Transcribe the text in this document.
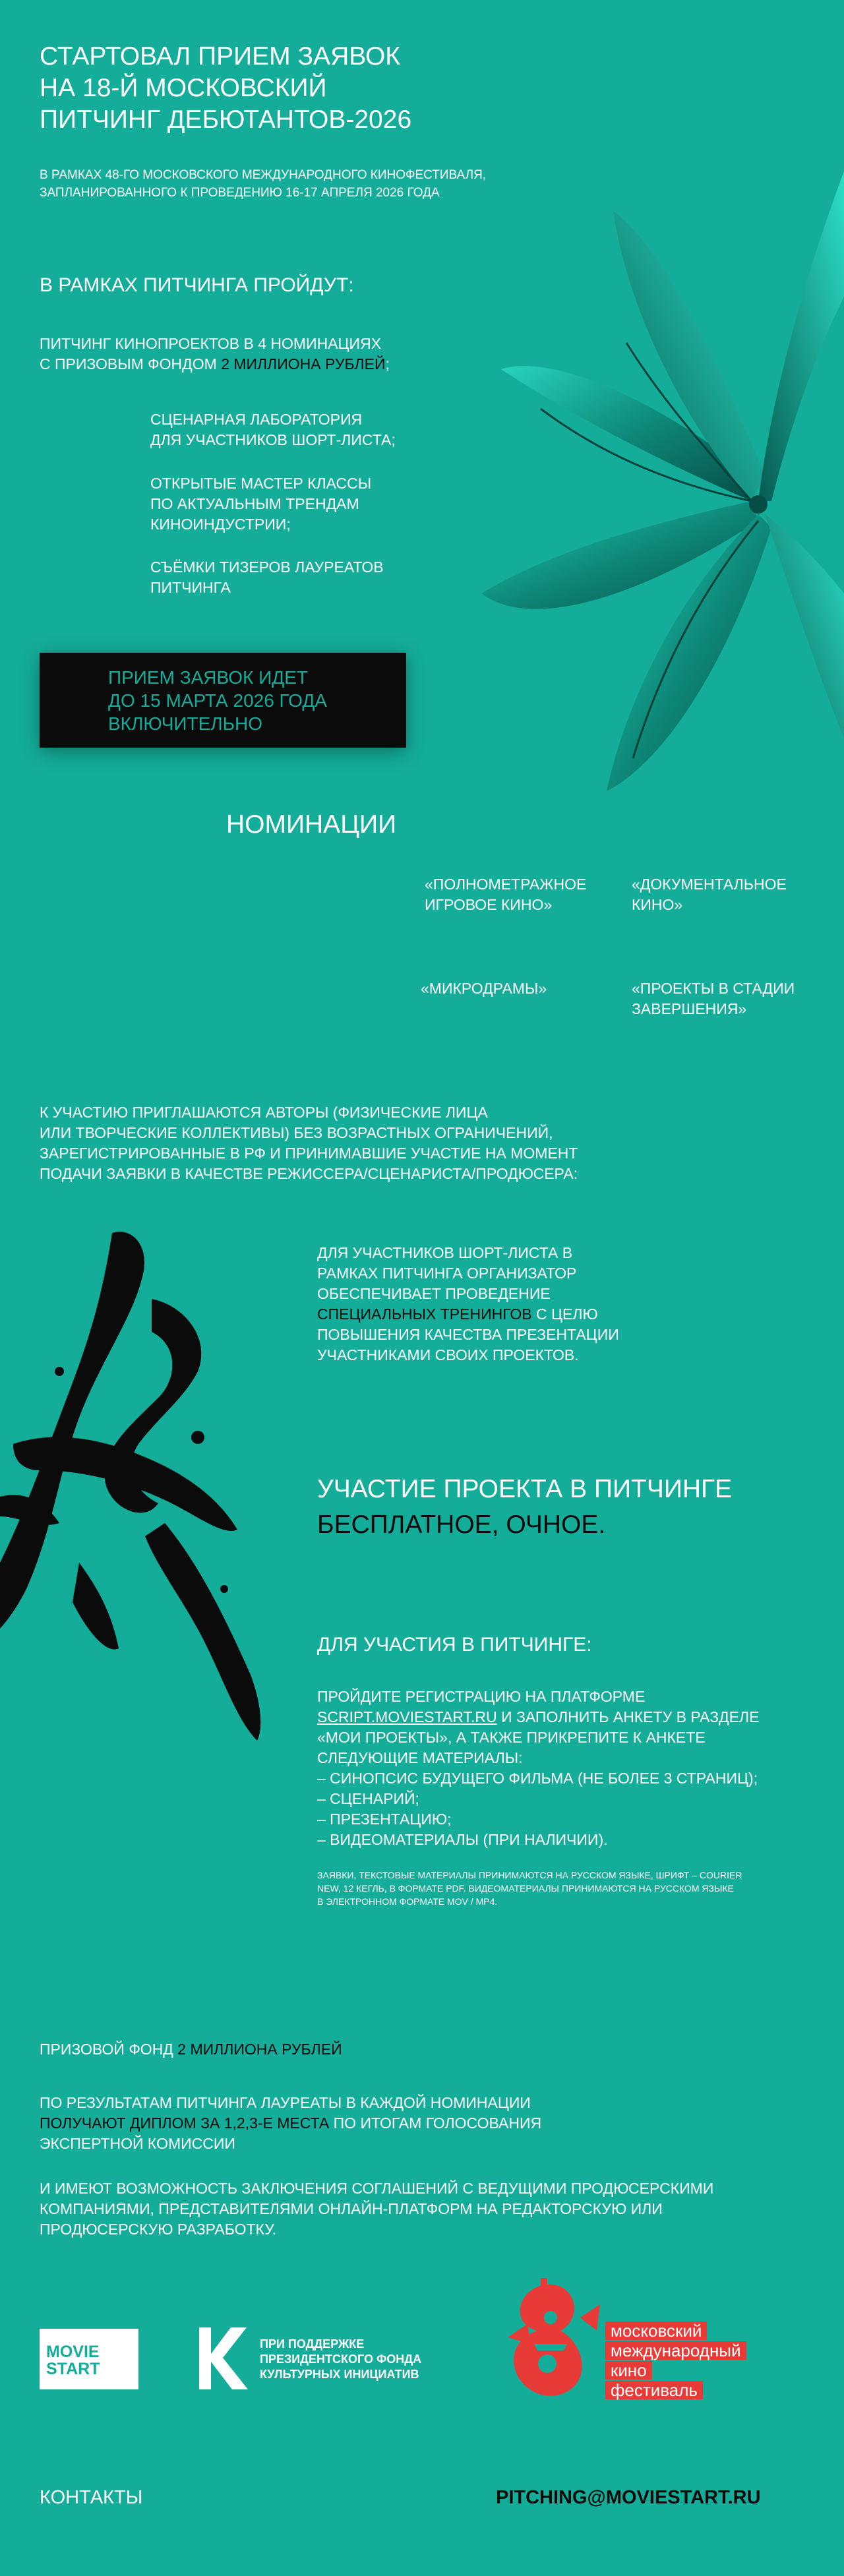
СТАРТОВАЛ ПРИЕМ ЗАЯВОК
НА 18-Й МОСКОВСКИЙ
ПИТЧИНГ ДЕБЮТАНТОВ-2026
В РАМКАХ 48-ГО МОСКОВСКОГО МЕЖДУНАРОДНОГО КИНОФЕСТИВАЛЯ,
ЗАПЛАНИРОВАННОГО К ПРОВЕДЕНИЮ 16-17 АПРЕЛЯ 2026 ГОДА
В РАМКАХ ПИТЧИНГА ПРОЙДУТ:
ПИТЧИНГ КИНОПРОЕКТОВ В 4 НОМИНАЦИЯХ
С ПРИЗОВЫМ ФОНДОМ 2 МИЛЛИОНА РУБЛЕЙ;
СЦЕНАРНАЯ ЛАБОРАТОРИЯ
ДЛЯ УЧАСТНИКОВ ШОРТ-ЛИСТА;
ОТКРЫТЫЕ МАСТЕР КЛАССЫ
ПО АКТУАЛЬНЫМ ТРЕНДАМ
КИНОИНДУСТРИИ;
СЪЁМКИ ТИЗЕРОВ ЛАУРЕАТОВ
ПИТЧИНГА
ПРИЕМ ЗАЯВОК ИДЕТ
ДО 15 МАРТА 2026 ГОДА
ВКЛЮЧИТЕЛЬНО
НОМИНАЦИИ
«ПОЛНОМЕТРАЖНОЕ
ИГРОВОЕ КИНО»
«ДОКУМЕНТАЛЬНОЕ
КИНО»
«МИКРОДРАМЫ»	«ПРОЕКТЫ В СТАДИИ
ЗАВЕРШЕНИЯ»
К УЧАСТИЮ ПРИГЛАШАЮТСЯ АВТОРЫ (ФИЗИЧЕСКИЕ ЛИЦА
ИЛИ ТВОРЧЕСКИЕ КОЛЛЕКТИВЫ) БЕЗ ВОЗРАСТНЫХ ОГРАНИЧЕНИЙ,
ЗАРЕГИСТРИРОВАННЫЕ В РФ И ПРИНИМАВШИЕ УЧАСТИЕ НА МОМЕНТ
ПОДАЧИ ЗАЯВКИ В КАЧЕСТВЕ РЕЖИССЕРА/СЦЕНАРИСТА/ПРОДЮСЕРА:
ДЛЯ УЧАСТНИКОВ ШОРТ-ЛИСТА В
РАМКАХ ПИТЧИНГА ОРГАНИЗАТОР
ОБЕСПЕЧИВАЕТ ПРОВЕДЕНИЕ
СПЕЦИАЛЬНЫХ ТРЕНИНГОВ С ЦЕЛЮ
ПОВЫШЕНИЯ КАЧЕСТВА ПРЕЗЕНТАЦИИ
УЧАСТНИКАМИ СВОИХ ПРОЕКТОВ.
УЧАСТИЕ ПРОЕКТА В ПИТЧИНГЕ
БЕСПЛАТНОЕ, ОЧНОЕ.
ДЛЯ УЧАСТИЯ В ПИТЧИНГЕ:
ПРОЙДИТЕ РЕГИСТРАЦИЮ НА ПЛАТФОРМЕ
SCRIPT.MOVIESTART.RU И ЗАПОЛНИТЬ АНКЕТУ В РАЗДЕЛЕ
«МОИ ПРОЕКТЫ», А ТАКЖЕ ПРИКРЕПИТЕ К АНКЕТЕ
СЛЕДУЮЩИЕ МАТЕРИАЛЫ:
– СИНОПСИС БУДУЩЕГО ФИЛЬМА (НЕ БОЛЕЕ 3 СТРАНИЦ);
– СЦЕНАРИЙ;
– ПРЕЗЕНТАЦИЮ;
– ВИДЕОМАТЕРИАЛЫ (ПРИ НАЛИЧИИ).
ЗАЯВКИ, ТЕКСТОВЫЕ МАТЕРИАЛЫ ПРИНИМАЮТСЯ НА РУССКОМ ЯЗЫКЕ, ШРИФТ – COURIER
NEW, 12 КЕГЛЬ, В ФОРМАТЕ PDF. ВИДЕОМАТЕРИАЛЫ ПРИНИМАЮТСЯ НА РУССКОМ ЯЗЫКЕ
В ЭЛЕКТРОННОМ ФОРМАТЕ MOV / MP4.
ПРИЗОВОЙ ФОНД 2 МИЛЛИОНА РУБЛЕЙ
ПО РЕЗУЛЬТАТАМ ПИТЧИНГА ЛАУРЕАТЫ В КАЖДОЙ НОМИНАЦИИ
ПОЛУЧАЮТ ДИПЛОМ ЗА 1,2,3-Е МЕСТА ПО ИТОГАМ ГОЛОСОВАНИЯ
ЭКСПЕРТНОЙ КОМИССИИ
И ИМЕЮТ ВОЗМОЖНОСТЬ ЗАКЛЮЧЕНИЯ СОГЛАШЕНИЙ С ВЕДУЩИМИ ПРОДЮСЕРСКИМИ
КОМПАНИЯМИ, ПРЕДСТАВИТЕЛЯМИ ОНЛАЙН-ПЛАТФОРМ НА РЕДАКТОРСКУЮ ИЛИ
ПРОДЮСЕРСКУЮ РАЗРАБОТКУ.
MOVIE
START
ПРИ ПОДДЕРЖКЕ
ПРЕЗИДЕНТСКОГО ФОНДА
КУЛЬТУРНЫХ ИНИЦИАТИВ
московский
международный
кино
фестиваль
КОНТАКТЫ	PITCHING@MOVIESTART.RU
